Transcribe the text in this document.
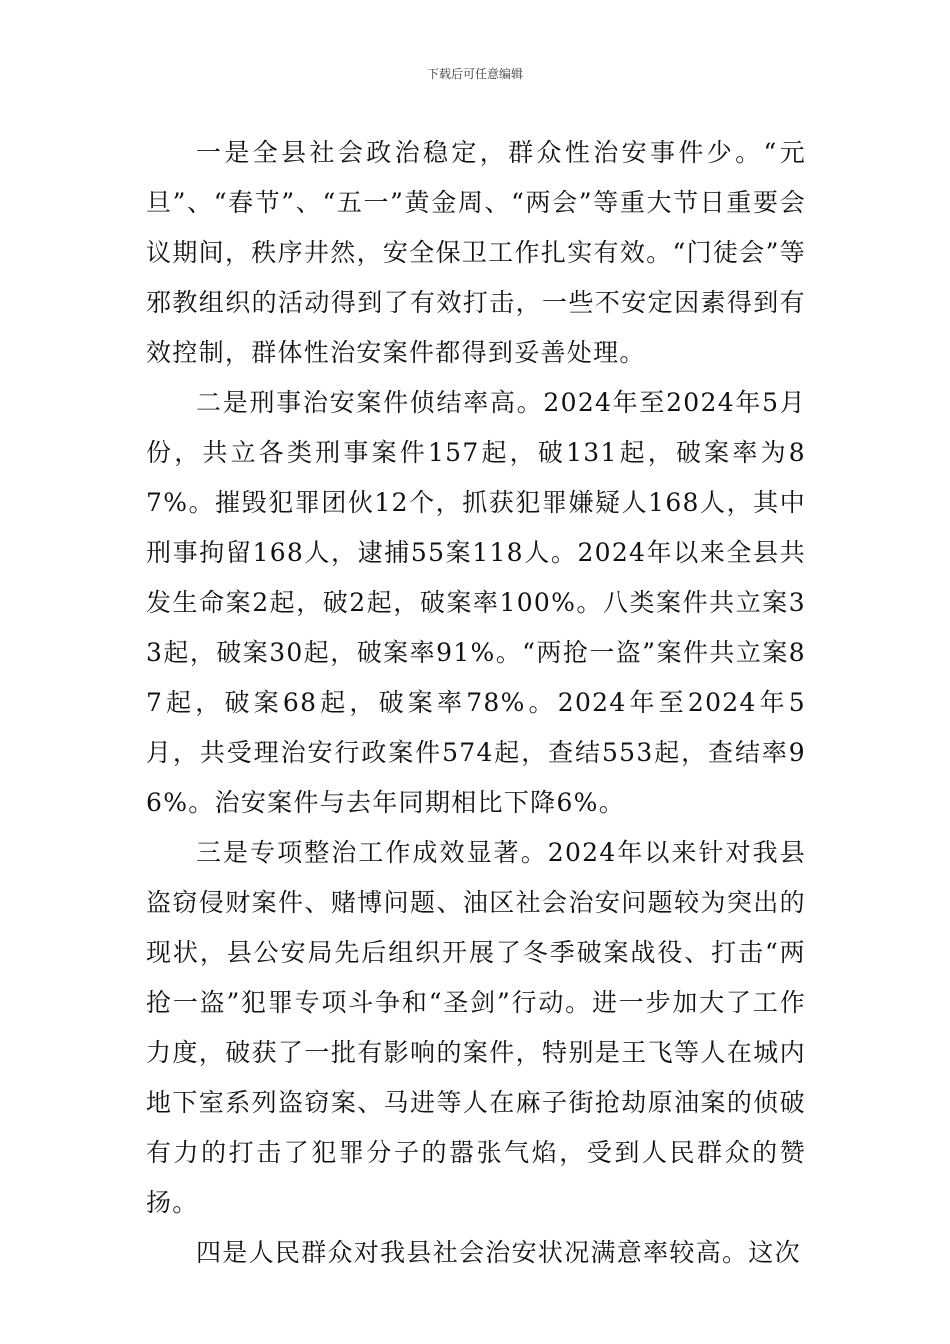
下载后可任意编辑

一是全县社会政治稳定，群众性治安事件少。“元旦”、“春节”、“五一”黄金周、“两会”等重大节日重要会议期间，秩序井然，安全保卫工作扎实有效。“门徒会”等邪教组织的活动得到了有效打击，一些不安定因素得到有效控制，群体性治安案件都得到妥善处理。

二是刑事治安案件侦结率高。2024年至2024年5月份，共立各类刑事案件157起，破131起，破案率为87%。摧毁犯罪团伙12个，抓获犯罪嫌疑人168人，其中刑事拘留168人，逮捕55案118人。2024年以来全县共发生命案2起，破2起，破案率100%。八类案件共立案33起，破案30起，破案率91%。“两抢一盗”案件共立案87起，破案68起，破案率78%。2024年至2024年5月，共受理治安行政案件574起，查结553起，查结率96%。治安案件与去年同期相比下降6%。

三是专项整治工作成效显著。2024年以来针对我县盗窃侵财案件、赌博问题、油区社会治安问题较为突出的现状，县公安局先后组织开展了冬季破案战役、打击“两抢一盗”犯罪专项斗争和“圣剑”行动。进一步加大了工作力度，破获了一批有影响的案件，特别是王飞等人在城内地下室系列盗窃案、马进等人在麻子街抢劫原油案的侦破有力的打击了犯罪分子的嚣张气焰，受到人民群众的赞扬。

四是人民群众对我县社会治安状况满意率较高。这次
